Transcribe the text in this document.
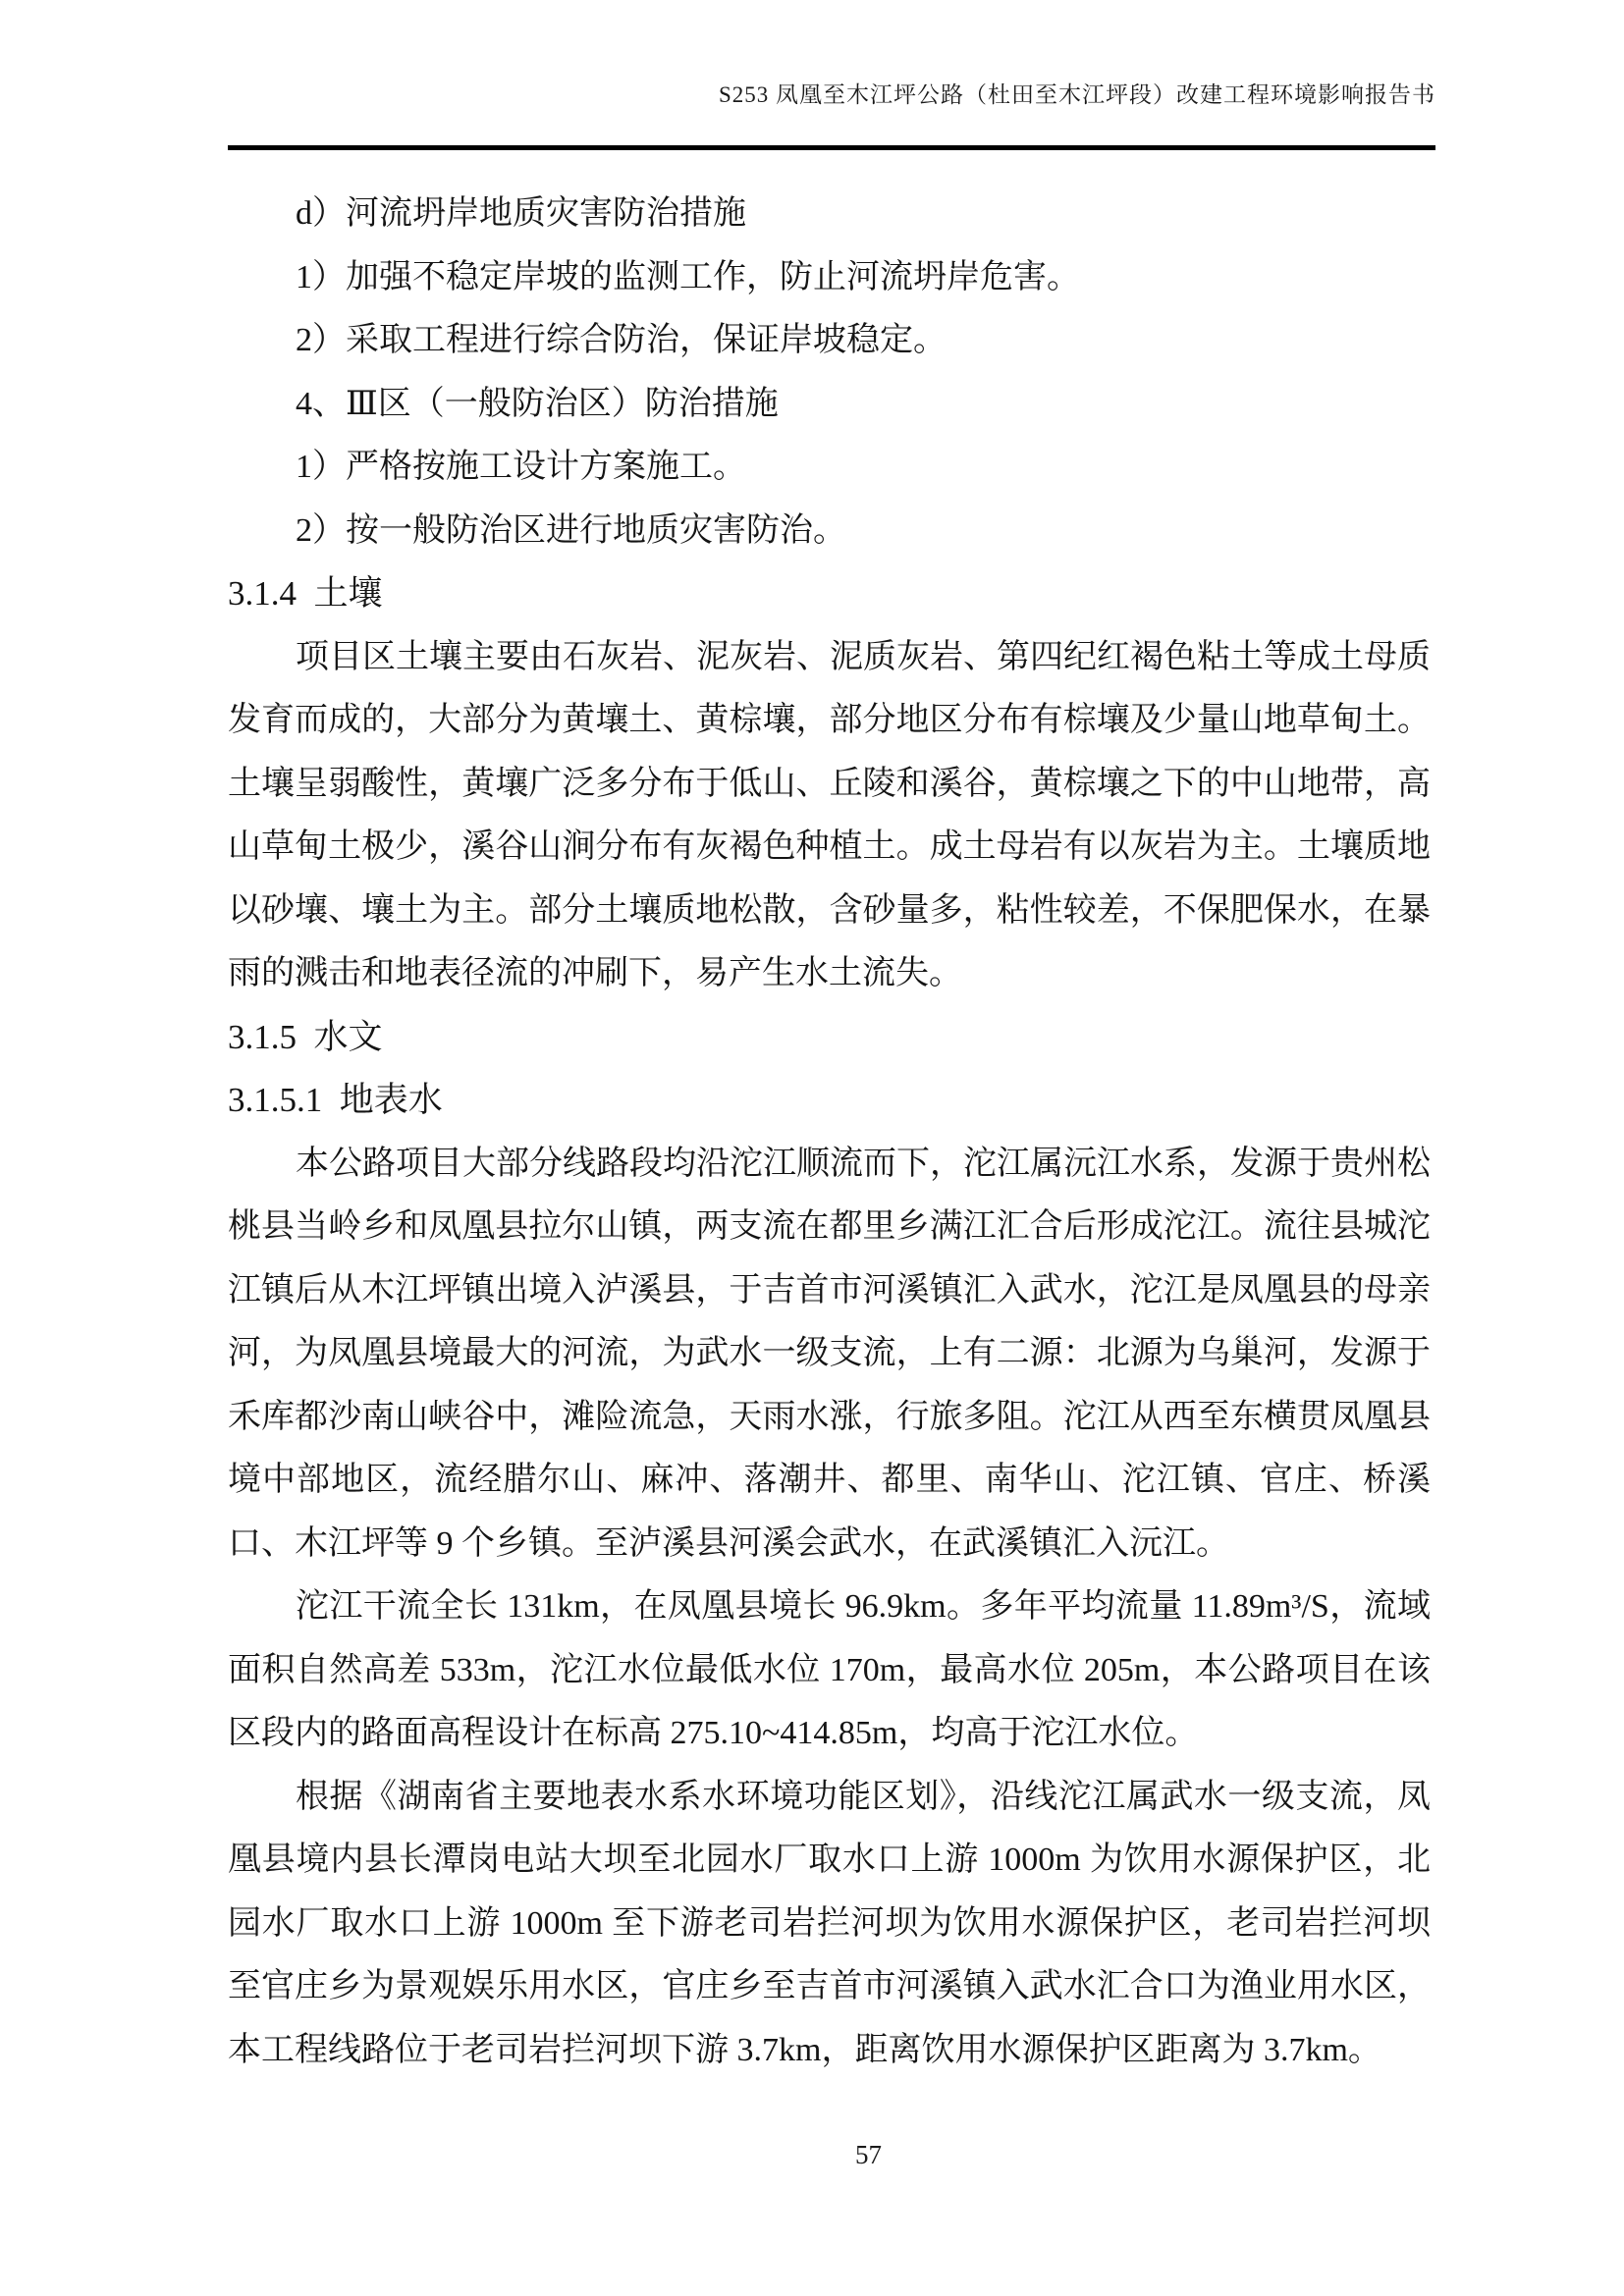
S253 凤凰至木江坪公路（杜田至木江坪段）改建工程环境影响报告书
d）河流坍岸地质灾害防治措施
1）加强不稳定岸坡的监测工作，防止河流坍岸危害。
2）采取工程进行综合防治，保证岸坡稳定。
4、Ⅲ区（一般防治区）防治措施
1）严格按施工设计方案施工。
2）按一般防治区进行地质灾害防治。
3.1.4  土壤
项目区土壤主要由石灰岩、泥灰岩、泥质灰岩、第四纪红褐色粘土等成土母质发育而成的，大部分为黄壤土、黄棕壤，部分地区分布有棕壤及少量山地草甸土。土壤呈弱酸性，黄壤广泛多分布于低山、丘陵和溪谷，黄棕壤之下的中山地带，高山草甸土极少，溪谷山涧分布有灰褐色种植土。成土母岩有以灰岩为主。土壤质地以砂壤、壤土为主。部分土壤质地松散，含砂量多，粘性较差，不保肥保水，在暴雨的溅击和地表径流的冲刷下，易产生水土流失。
3.1.5  水文
3.1.5.1  地表水
本公路项目大部分线路段均沿沱江顺流而下，沱江属沅江水系，发源于贵州松桃县当岭乡和凤凰县拉尔山镇，两支流在都里乡满江汇合后形成沱江。流往县城沱江镇后从木江坪镇出境入泸溪县，于吉首市河溪镇汇入武水，沱江是凤凰县的母亲河，为凤凰县境最大的河流，为武水一级支流，上有二源：北源为乌巢河，发源于禾库都沙南山峡谷中，滩险流急，天雨水涨，行旅多阻。沱江从西至东横贯凤凰县境中部地区，流经腊尔山、麻冲、落潮井、都里、南华山、沱江镇、官庄、桥溪口、木江坪等 9 个乡镇。至泸溪县河溪会武水，在武溪镇汇入沅江。
沱江干流全长 131km，在凤凰县境长 96.9km。多年平均流量 11.89m³/S，流域面积自然高差 533m，沱江水位最低水位 170m，最高水位 205m，本公路项目在该区段内的路面高程设计在标高 275.10~414.85m，均高于沱江水位。
根据《湖南省主要地表水系水环境功能区划》，沿线沱江属武水一级支流，凤凰县境内县长潭岗电站大坝至北园水厂取水口上游 1000m 为饮用水源保护区，北园水厂取水口上游 1000m 至下游老司岩拦河坝为饮用水源保护区，老司岩拦河坝至官庄乡为景观娱乐用水区，官庄乡至吉首市河溪镇入武水汇合口为渔业用水区，本工程线路位于老司岩拦河坝下游 3.7km，距离饮用水源保护区距离为 3.7km。
57
